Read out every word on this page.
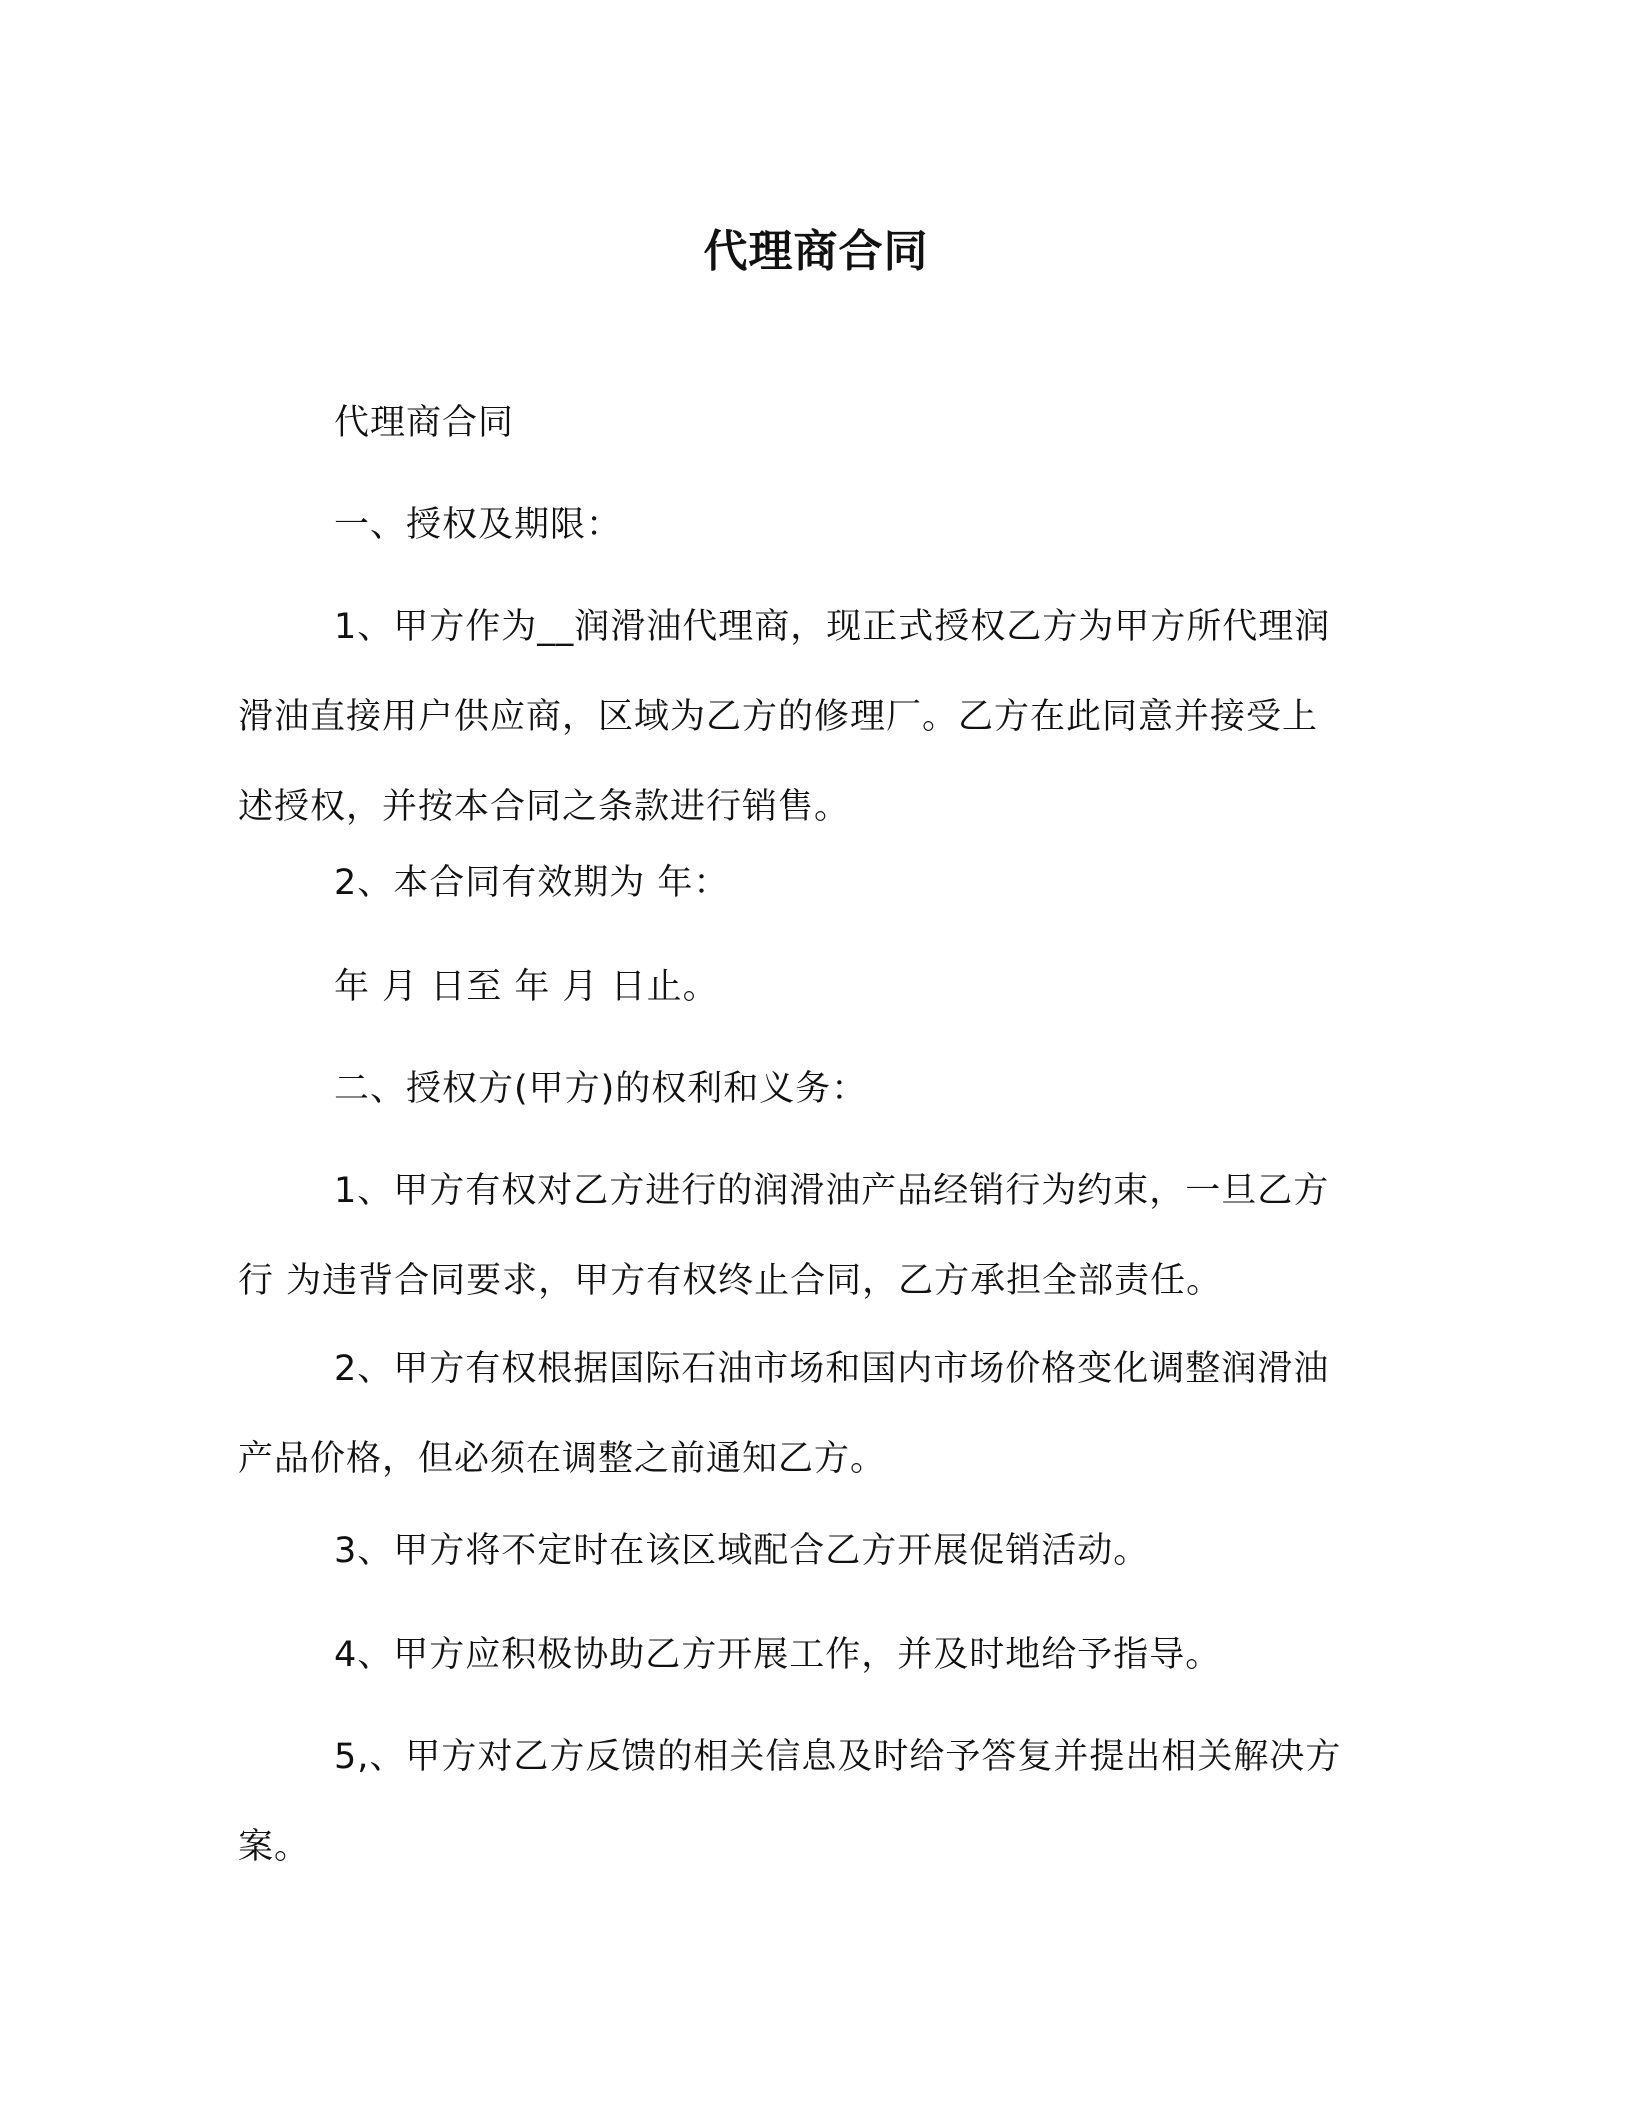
代理商合同
代理商合同
一、授权及期限：
1、甲方作为__润滑油代理商，现正式授权乙方为甲方所代理润
滑油直接用户供应商，区域为乙方的修理厂。乙方在此同意并接受上
述授权，并按本合同之条款进行销售。
2、本合同有效期为 年：
年 月 日至 年 月 日止。
二、授权方(甲方)的权利和义务：
1、甲方有权对乙方进行的润滑油产品经销行为约束，一旦乙方
行 为违背合同要求，甲方有权终止合同，乙方承担全部责任。
2、甲方有权根据国际石油市场和国内市场价格变化调整润滑油
产品价格，但必须在调整之前通知乙方。
3、甲方将不定时在该区域配合乙方开展促销活动。
4、甲方应积极协助乙方开展工作，并及时地给予指导。
5,、甲方对乙方反馈的相关信息及时给予答复并提出相关解决方
案。
